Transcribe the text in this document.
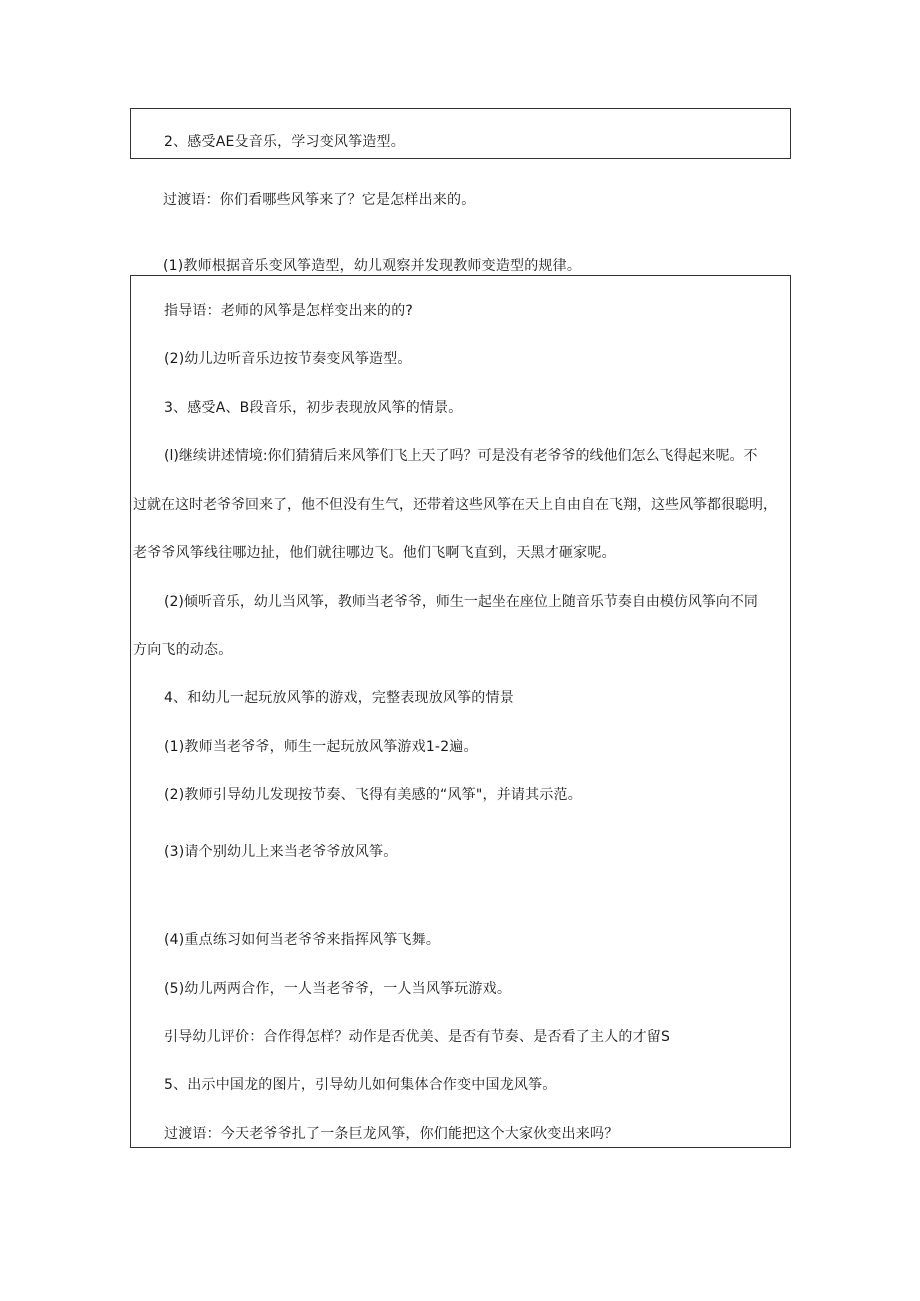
2、感受AE殳音乐，学习变风筝造型。
过渡语：你们看哪些风筝来了？它是怎样出来的。
(1)教师根据音乐变风筝造型，幼儿观察并发现教师变造型的规律。
指导语：老师的风筝是怎样变出来的的?
(2)幼儿边听音乐边按节奏变风筝造型。
3、感受A、B段音乐，初步表现放风筝的情景。
(l)继续讲述情境:你们猜猜后来风筝们飞上天了吗？可是没有老爷爷的线他们怎么飞得起来呢。不
过就在这时老爷爷回来了，他不但没有生气，还带着这些风筝在天上自由自在飞翔，这些风筝都很聪明，
老爷爷风筝线往哪边扯，他们就往哪边飞。他们飞啊飞直到，天黑才砸家呢。
(2)倾听音乐，幼儿当风筝，教师当老爷爷，师生一起坐在座位上随音乐节奏自由模仿风筝向不同
方向飞的动态。
4、和幼儿一起玩放风筝的游戏，完整表现放风筝的情景
(1)教师当老爷爷，师生一起玩放风筝游戏1-2遍。
(2)教师引导幼儿发现按节奏、飞得有美感的“风筝"，并请其示范。
(3)请个别幼儿上来当老爷爷放风筝。
(4)重点练习如何当老爷爷来指挥风筝飞舞。
(5)幼儿两两合作，一人当老爷爷，一人当风筝玩游戏。
引导幼儿评价：合作得怎样？动作是否优美、是否有节奏、是否看了主人的才留S
5、出示中国龙的图片，引导幼儿如何集体合作变中国龙风筝。
过渡语：今天老爷爷扎了一条巨龙风筝，你们能把这个大家伙变出来吗？
